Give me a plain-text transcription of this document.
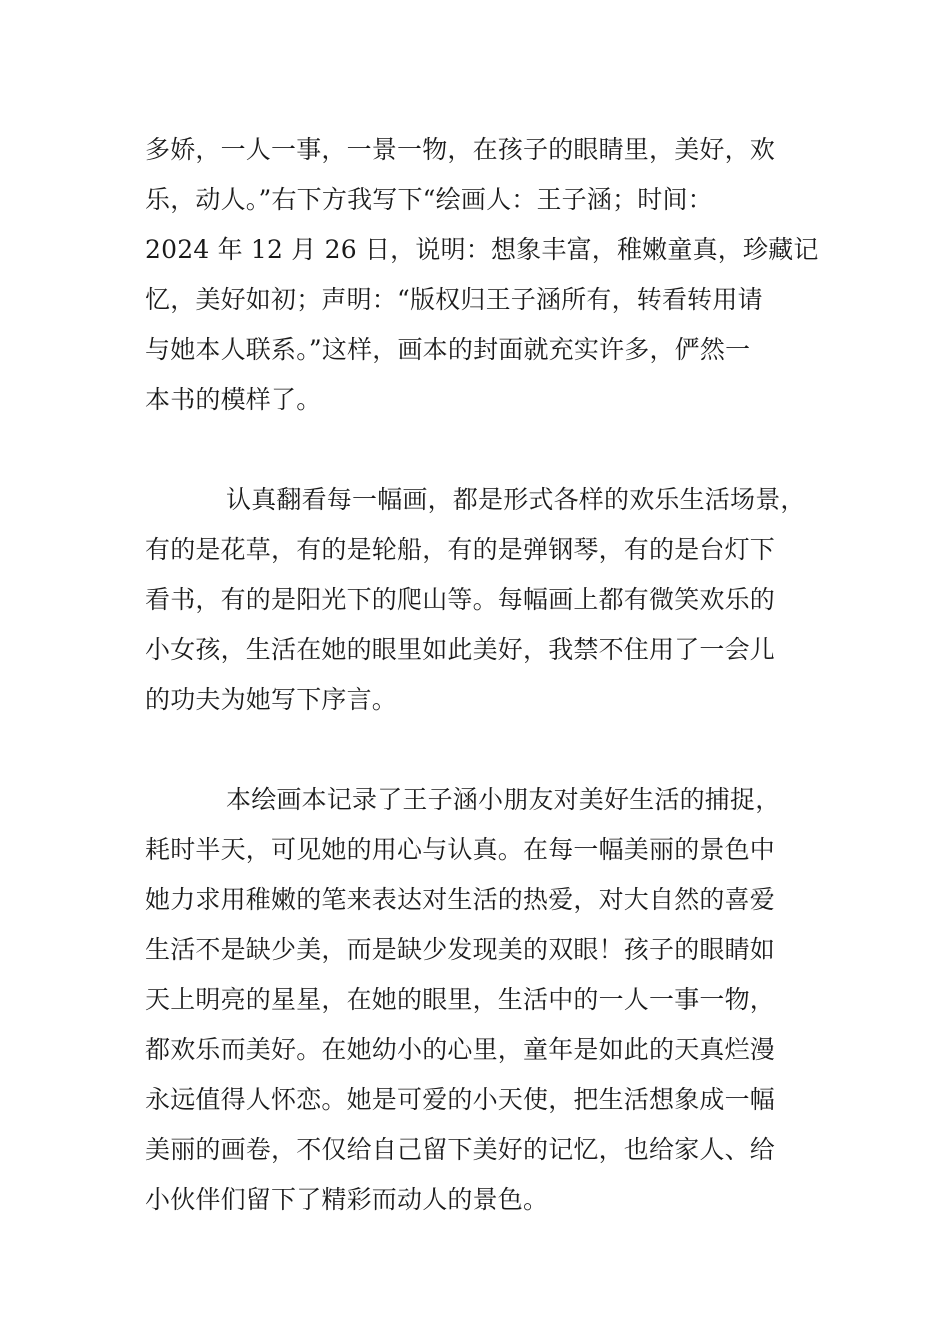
多娇，一人一事，一景一物，在孩子的眼睛里，美好，欢
乐，动人。”右下方我写下“绘画人：王子涵；时间：
2024 年 12 月 26 日，说明：想象丰富，稚嫩童真，珍藏记
忆，美好如初；声明：“版权归王子涵所有，转看转用请
与她本人联系。”这样，画本的封面就充实许多，俨然一
本书的模样了。
认真翻看每一幅画，都是形式各样的欢乐生活场景，
有的是花草，有的是轮船，有的是弹钢琴，有的是台灯下
看书，有的是阳光下的爬山等。每幅画上都有微笑欢乐的
小女孩，生活在她的眼里如此美好，我禁不住用了一会儿
的功夫为她写下序言。
本绘画本记录了王子涵小朋友对美好生活的捕捉，
耗时半天，可见她的用心与认真。在每一幅美丽的景色中
她力求用稚嫩的笔来表达对生活的热爱，对大自然的喜爱
生活不是缺少美，而是缺少发现美的双眼！孩子的眼睛如
天上明亮的星星，在她的眼里，生活中的一人一事一物，
都欢乐而美好。在她幼小的心里，童年是如此的天真烂漫
永远值得人怀恋。她是可爱的小天使，把生活想象成一幅
美丽的画卷，不仅给自己留下美好的记忆，也给家人、给
小伙伴们留下了精彩而动人的景色。
